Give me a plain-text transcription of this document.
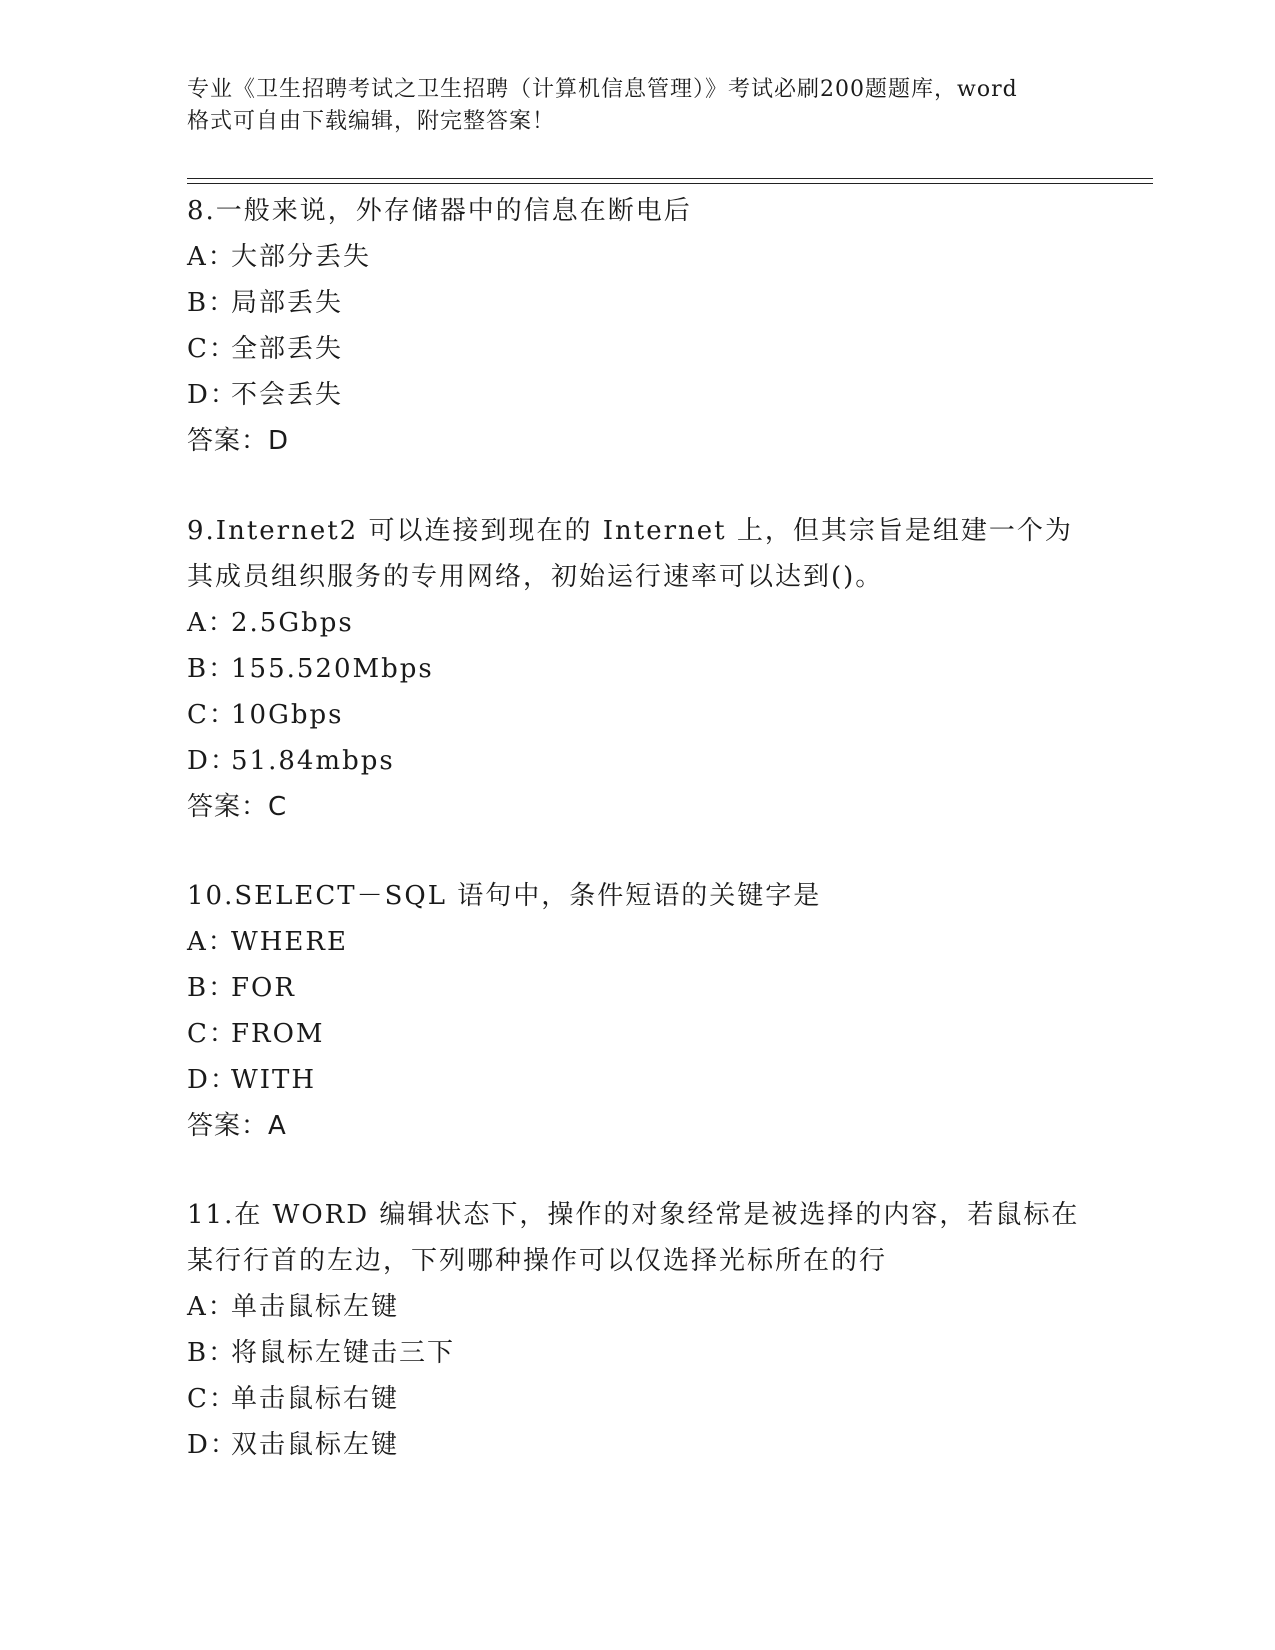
专业《卫生招聘考试之卫生招聘（计算机信息管理）》考试必刷200题题库，word
格式可自由下载编辑，附完整答案！

8.一般来说，外存储器中的信息在断电后

A：大部分丢失

B：局部丢失

C：全部丢失

D：不会丢失

答案：D

9.Internet2 可以连接到现在的 Internet 上，但其宗旨是组建一个为

其成员组织服务的专用网络，初始运行速率可以达到()。

A：2.5Gbps

B：155.520Mbps

C：10Gbps

D：51.84mbps

答案：C

10.SELECT－SQL 语句中，条件短语的关键字是

A：WHERE

B：FOR

C：FROM

D：WITH

答案：A

11.在 WORD 编辑状态下，操作的对象经常是被选择的内容，若鼠标在

某行行首的左边，下列哪种操作可以仅选择光标所在的行

A：单击鼠标左键

B：将鼠标左键击三下

C：单击鼠标右键

D：双击鼠标左键
